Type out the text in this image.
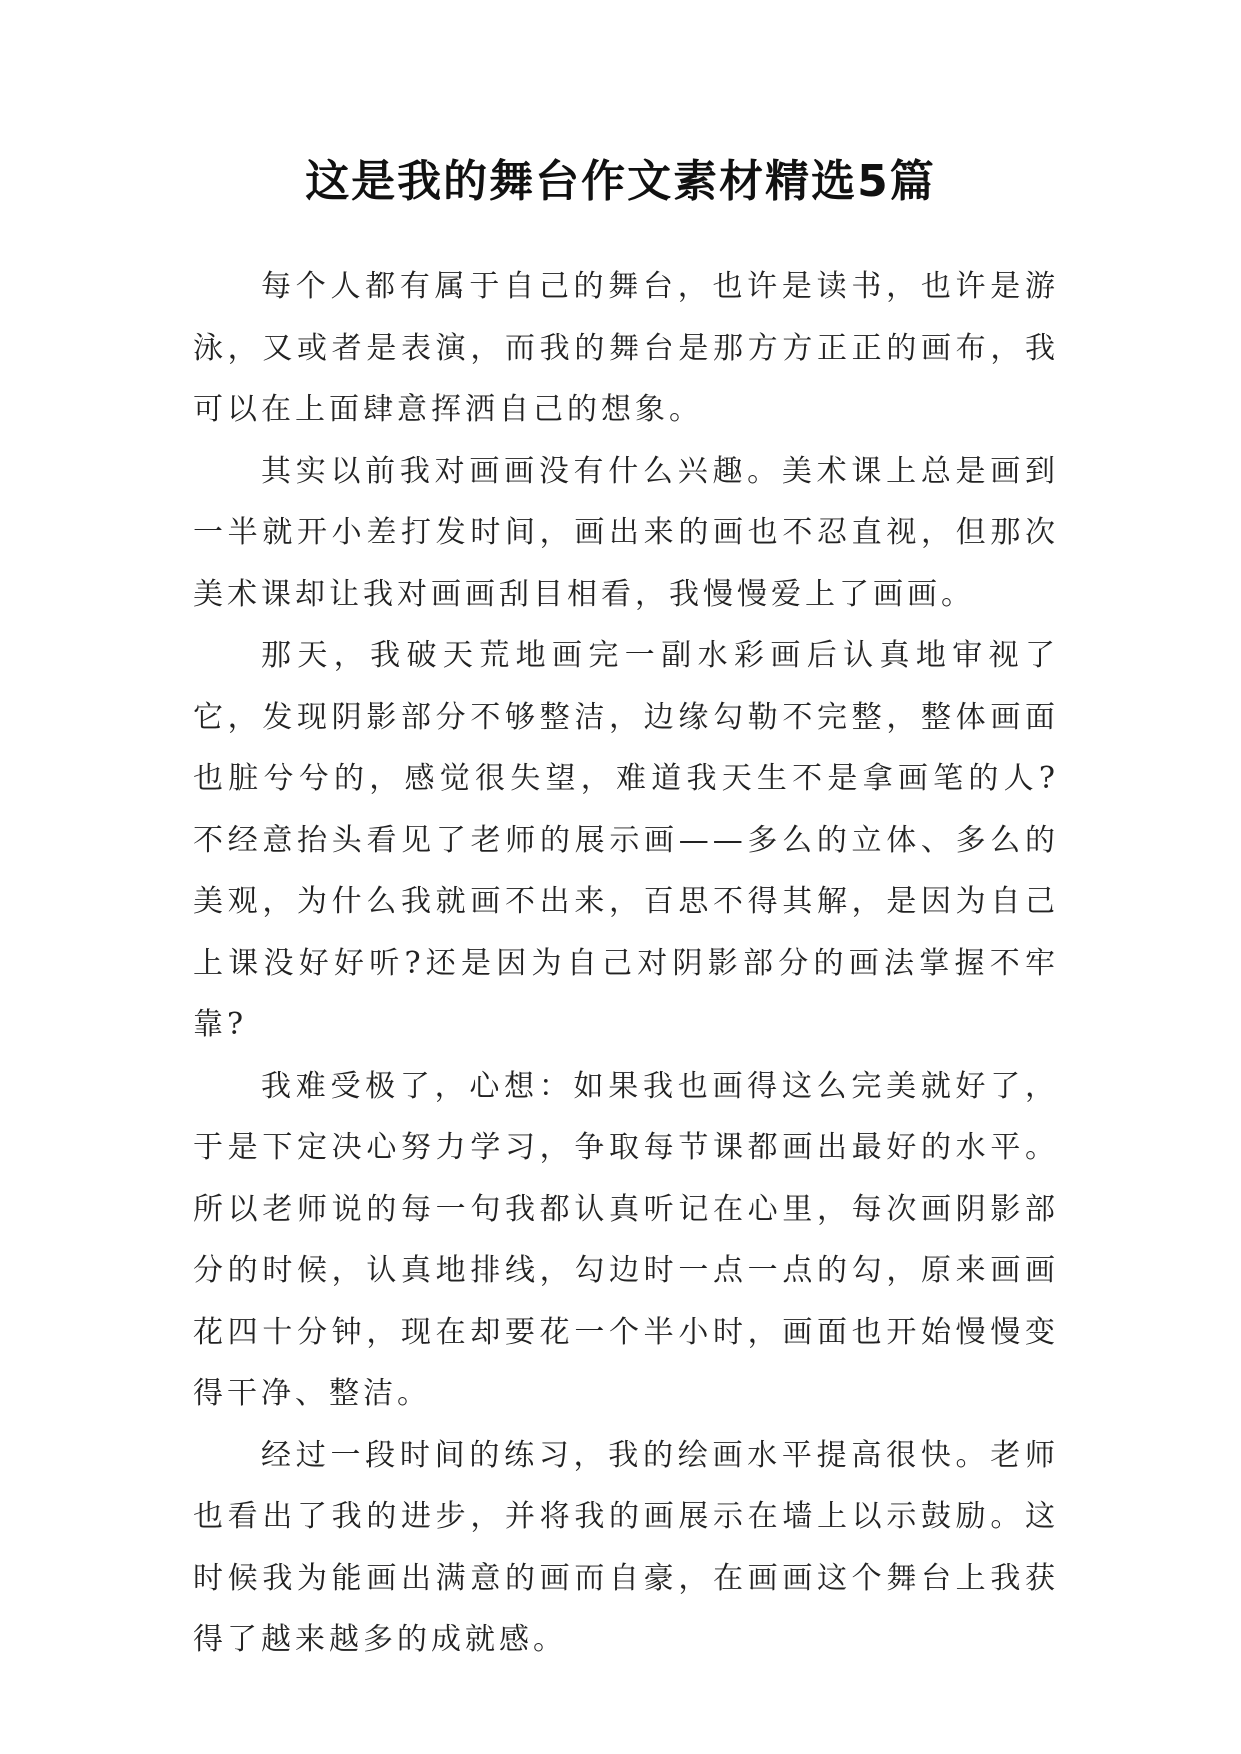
这是我的舞台作文素材精选5篇

每个人都有属于自己的舞台，也许是读书，也许是游泳，又或者是表演，而我的舞台是那方方正正的画布，我可以在上面肆意挥洒自己的想象。

其实以前我对画画没有什么兴趣。美术课上总是画到一半就开小差打发时间，画出来的画也不忍直视，但那次美术课却让我对画画刮目相看，我慢慢爱上了画画。

那天，我破天荒地画完一副水彩画后认真地审视了它，发现阴影部分不够整洁，边缘勾勒不完整，整体画面也脏兮兮的，感觉很失望，难道我天生不是拿画笔的人?不经意抬头看见了老师的展示画——多么的立体、多么的美观，为什么我就画不出来，百思不得其解，是因为自己上课没好好听?还是因为自己对阴影部分的画法掌握不牢靠?

我难受极了，心想：如果我也画得这么完美就好了，于是下定决心努力学习，争取每节课都画出最好的水平。所以老师说的每一句我都认真听记在心里，每次画阴影部分的时候，认真地排线，勾边时一点一点的勾，原来画画花四十分钟，现在却要花一个半小时，画面也开始慢慢变得干净、整洁。

经过一段时间的练习，我的绘画水平提高很快。老师也看出了我的进步，并将我的画展示在墙上以示鼓励。这时候我为能画出满意的画而自豪，在画画这个舞台上我获得了越来越多的成就感。
